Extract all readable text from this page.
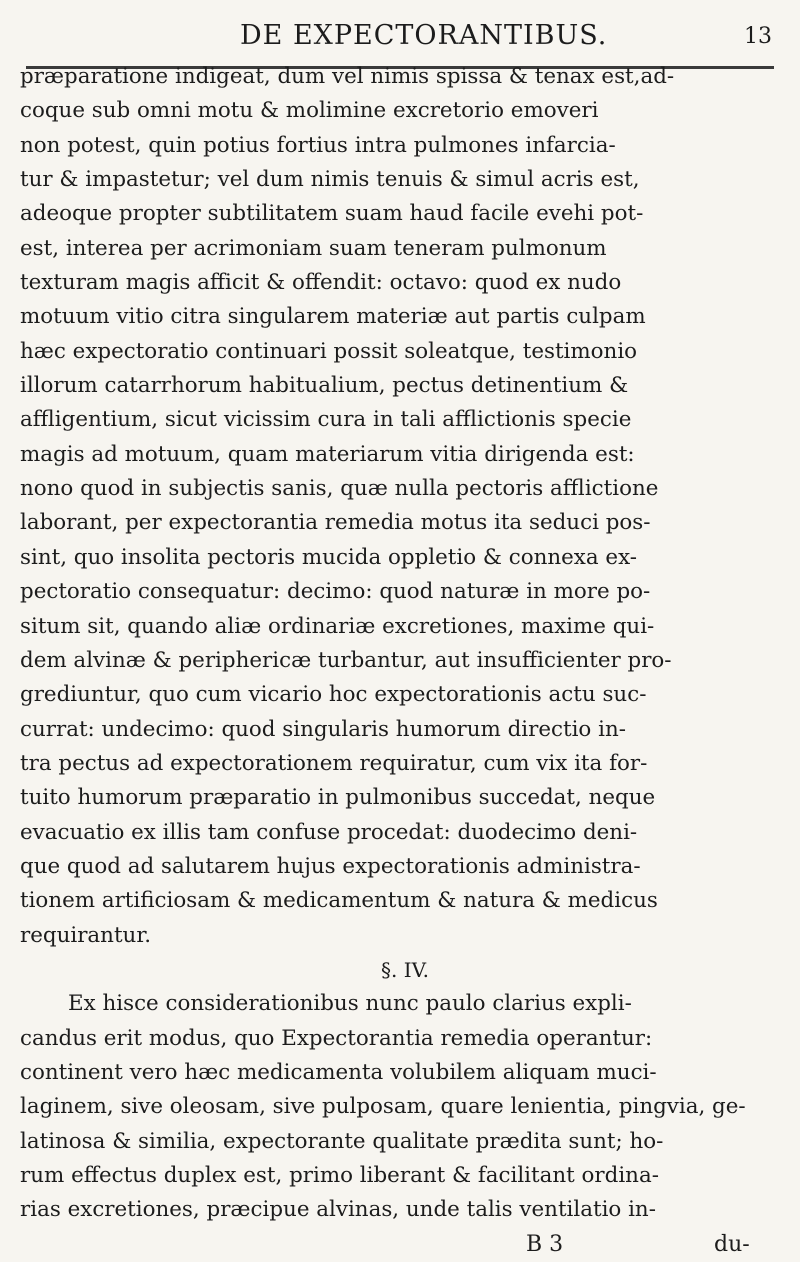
DE EXPECTORANTIBUS.	13
præparatione indigeat, dum vel nimis spissa & tenax est,ad-
coque sub omni motu & molimine excretorio emoveri
non potest, quin potius fortius intra pulmones infarcia-
tur & impastetur; vel dum nimis tenuis & simul acris est,
adeoque propter subtilitatem suam haud facile evehi pot-
est, interea per acrimoniam suam teneram pulmonum
texturam magis afficit & offendit: octavo: quod ex nudo
motuum vitio citra singularem materiæ aut partis culpam
hæc expectoratio continuari possit soleatque, testimonio
illorum catarrhorum habitualium, pectus detinentium &
affligentium, sicut vicissim cura in tali afflictionis specie
magis ad motuum, quam materiarum vitia dirigenda est:
nono quod in subjectis sanis, quæ nulla pectoris afflictione
laborant, per expectorantia remedia motus ita seduci pos-
sint, quo insolita pectoris mucida oppletio & connexa ex-
pectoratio consequatur: decimo: quod naturæ in more po-
situm sit, quando aliæ ordinariæ excretiones, maxime qui-
dem alvinæ & periphericæ turbantur, aut insufficienter pro-
grediuntur, quo cum vicario hoc expectorationis actu suc-
currat: undecimo: quod singularis humorum directio in-
tra pectus ad expectorationem requiratur, cum vix ita for-
tuito humorum præparatio in pulmonibus succedat, neque
evacuatio ex illis tam confuse procedat: duodecimo deni-
que quod ad salutarem hujus expectorationis administra-
tionem artificiosam & medicamentum & natura & medicus
requirantur.
§. IV.
Ex hisce considerationibus nunc paulo clarius expli-
candus erit modus, quo Expectorantia remedia operantur:
continent vero hæc medicamenta volubilem aliquam muci-
laginem, sive oleosam, sive pulposam, quare lenientia, pingvia, ge-
latinosa & similia, expectorante qualitate prædita sunt; ho-
rum effectus duplex est, primo liberant & facilitant ordina-
rias excretiones, præcipue alvinas, unde talis ventilatio in-
B 3	du-
